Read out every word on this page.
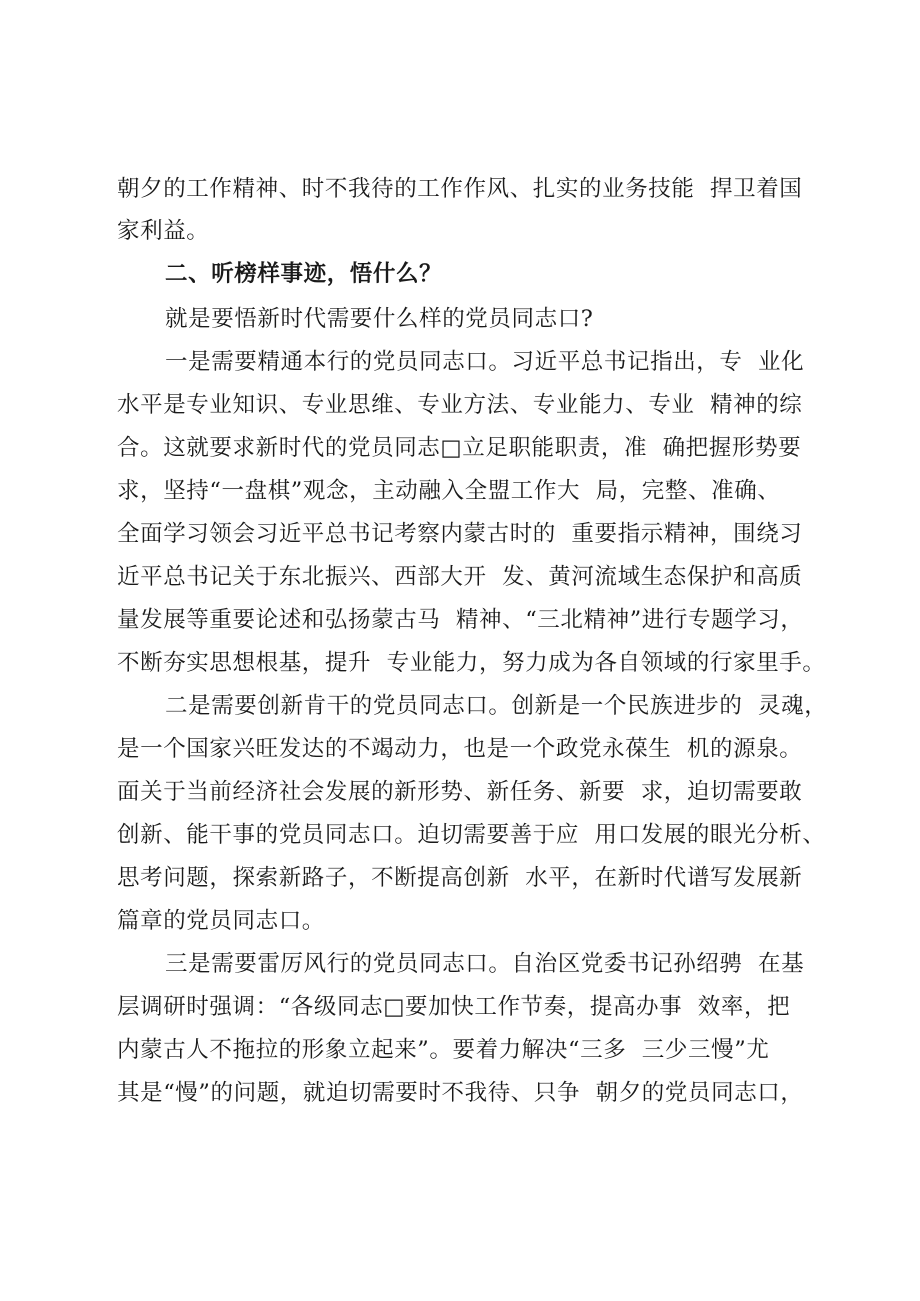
朝夕的工作精神、时不我待的工作作风、扎实的业务技能  捍卫着国
家利益。
二、听榜样事迹，悟什么？
就是要悟新时代需要什么样的党员同志口?
一是需要精通本行的党员同志口。习近平总书记指出，专  业化
水平是专业知识、专业思维、专业方法、专业能力、专业  精神的综
合。这就要求新时代的党员同志□立足职能职责，准  确把握形势要
求，坚持“一盘棋”观念，主动融入全盟工作大  局，完整、准确、
全面学习领会习近平总书记考察内蒙古时的  重要指示精神，围绕习
近平总书记关于东北振兴、西部大开  发、黄河流域生态保护和高质
量发展等重要论述和弘扬蒙古马  精神、“三北精神”进行专题学习，
不断夯实思想根基，提升  专业能力，努力成为各自领域的行家里手。
二是需要创新肯干的党员同志口。创新是一个民族进步的  灵魂，
是一个国家兴旺发达的不竭动力，也是一个政党永葆生  机的源泉。
面关于当前经济社会发展的新形势、新任务、新要  求，迫切需要敢
创新、能干事的党员同志口。迫切需要善于应  用口发展的眼光分析、
思考问题，探索新路子，不断提高创新  水平，在新时代谱写发展新
篇章的党员同志口。
三是需要雷厉风行的党员同志口。自治区党委书记孙绍骋  在基
层调研时强调：“各级同志□要加快工作节奏，提高办事  效率，把
内蒙古人不拖拉的形象立起来”。要着力解决“三多  三少三慢”尤
其是“慢”的问题，就迫切需要时不我待、只争  朝夕的党员同志口，
